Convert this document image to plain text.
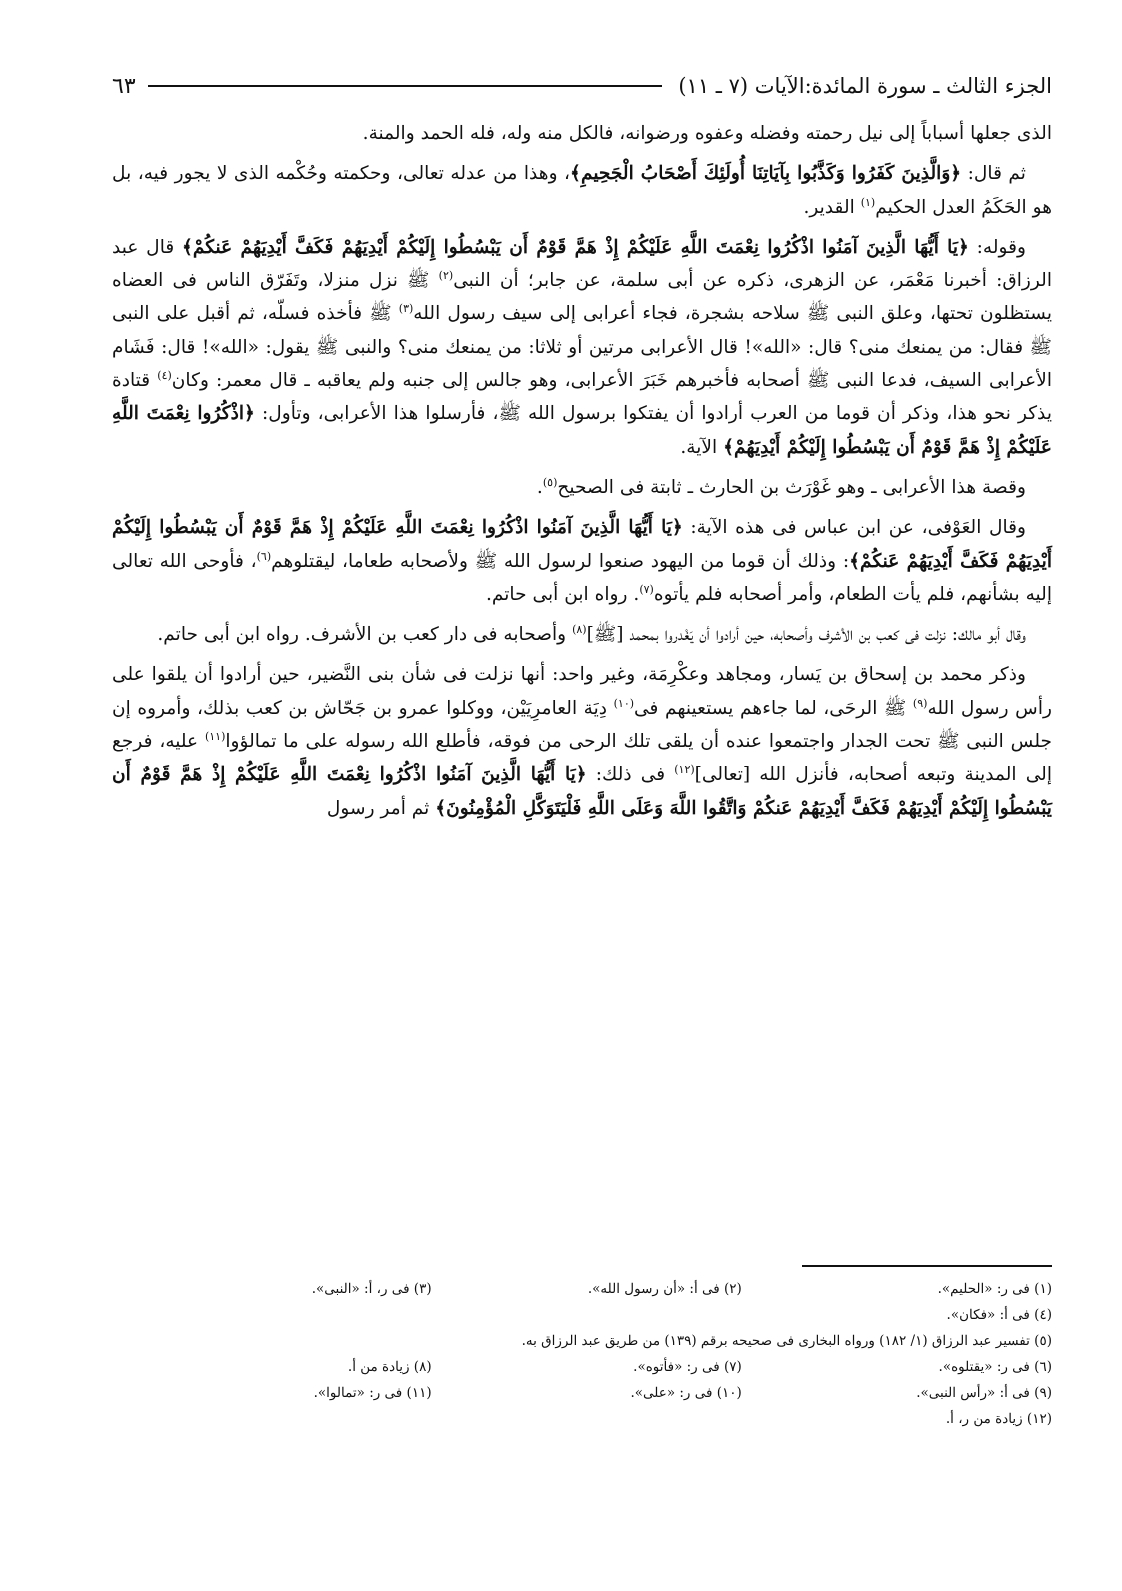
الجزء الثالث ـ سورة المائدة:الآيات (٧ ـ ١١)
٦٣

الذى جعلها أسباباً إلى نيل رحمته وفضله وعفوه ورضوانه، فالكل منه وله، فله الحمد والمنة.

ثم قال: ﴿وَالَّذِينَ كَفَرُوا وَكَذَّبُوا بِآيَاتِنَا أُولَئِكَ أَصْحَابُ الْجَحِيمِ﴾، وهذا من عدله تعالى، وحكمته وحُكْمه الذى لا يجور فيه، بل هو الحَكَمُ العدل الحكيم$^{(١)}$ القدير.

وقوله: ﴿يَا أَيُّهَا الَّذِينَ آمَنُوا اذْكُرُوا نِعْمَتَ اللَّهِ عَلَيْكُمْ إِذْ هَمَّ قَوْمٌ أَن يَبْسُطُوا إِلَيْكُمْ أَيْدِيَهُمْ فَكَفَّ أَيْدِيَهُمْ عَنكُمْ﴾ قال عبد الرزاق: أخبرنا مَعْمَر، عن الزهرى، ذكره عن أبى سلمة، عن جابر؛ أن النبى$^{(٢)}$ ﷺ نزل منزلا، وتَفَرّق الناس فى العضاه يستظلون تحتها، وعلق النبى ﷺ سلاحه بشجرة، فجاء أعرابى إلى سيف رسول الله$^{(٣)}$ ﷺ فأخذه فسلّه، ثم أقبل على النبى ﷺ فقال: من يمنعك منى؟ قال: «الله»! قال الأعرابى مرتين أو ثلاثا: من يمنعك منى؟ والنبى ﷺ يقول: «الله»! قال: فَشَام الأعرابى السيف، فدعا النبى ﷺ أصحابه فأخبرهم خَبَرَ الأعرابى، وهو جالس إلى جنبه ولم يعاقبه ـ قال معمر: وكان$^{(٤)}$ قتادة يذكر نحو هذا، وذكر أن قوما من العرب أرادوا أن يفتكوا برسول الله ﷺ، فأرسلوا هذا الأعرابى، وتأول: ﴿اذْكُرُوا نِعْمَتَ اللَّهِ عَلَيْكُمْ إِذْ هَمَّ قَوْمٌ أَن يَبْسُطُوا إِلَيْكُمْ أَيْدِيَهُمْ﴾ الآية.

وقصة هذا الأعرابى ـ وهو غَوْرَث بن الحارث ـ ثابتة فى الصحيح$^{(٥)}$.

وقال العَوْفى، عن ابن عباس فى هذه الآية: ﴿يَا أَيُّهَا الَّذِينَ آمَنُوا اذْكُرُوا نِعْمَتَ اللَّهِ عَلَيْكُمْ إِذْ هَمَّ قَوْمٌ أَن يَبْسُطُوا إِلَيْكُمْ أَيْدِيَهُمْ فَكَفَّ أَيْدِيَهُمْ عَنكُمْ﴾: وذلك أن قوما من اليهود صنعوا لرسول الله ﷺ ولأصحابه طعاما، ليقتلوهم$^{(٦)}$، فأوحى الله تعالى إليه بشأنهم، فلم يأت الطعام، وأمر أصحابه فلم يأتوه$^{(٧)}$. رواه ابن أبى حاتم.

وقال أبو مالك: نزلت فى كعب بن الأشرف وأصحابه، حين أرادوا أن يَغْدروا بمحمد [ﷺ]$^{(٨)}$ وأصحابه فى دار كعب بن الأشرف. رواه ابن أبى حاتم.

وذكر محمد بن إسحاق بن يَسار، ومجاهد وعكْرِمَة، وغير واحد: أنها نزلت فى شأن بنى النَّضير، حين أرادوا أن يلقوا على رأس رسول الله$^{(٩)}$ ﷺ الرحَى، لما جاءهم يستعينهم فى$^{(١٠)}$ دِيَة العامرِيَيْن، ووكلوا عمرو بن جَحّاش بن كعب بذلك، وأمروه إن جلس النبى ﷺ تحت الجدار واجتمعوا عنده أن يلقى تلك الرحى من فوقه، فأطلع الله رسوله على ما تمالؤوا$^{(١١)}$ عليه، فرجع إلى المدينة وتبعه أصحابه، فأنزل الله [تعالى]$^{(١٢)}$ فى ذلك: ﴿يَا أَيُّهَا الَّذِينَ آمَنُوا اذْكُرُوا نِعْمَتَ اللَّهِ عَلَيْكُمْ إِذْ هَمَّ قَوْمٌ أَن يَبْسُطُوا إِلَيْكُمْ أَيْدِيَهُمْ فَكَفَّ أَيْدِيَهُمْ عَنكُمْ وَاتَّقُوا اللَّهَ وَعَلَى اللَّهِ فَلْيَتَوَكَّلِ الْمُؤْمِنُونَ﴾ ثم أمر رسول

(١) فى ر: «الحليم».
(٢) فى أ: «أن رسول الله».
(٣) فى ر، أ: «النبى».
(٤) فى أ: «فكان».
(٥) تفسير عبد الرزاق (١/ ١٨٢) ورواه البخارى فى صحيحه برقم (١٣٩) من طريق عبد الرزاق به.
(٦) فى ر: «يقتلوه».
(٧) فى ر: «فأتوه».
(٨) زيادة من أ.
(٩) فى أ: «رأس النبى».
(١٠) فى ر: «على».
(١١) فى ر: «تمالوا».
(١٢) زيادة من ر، أ.
